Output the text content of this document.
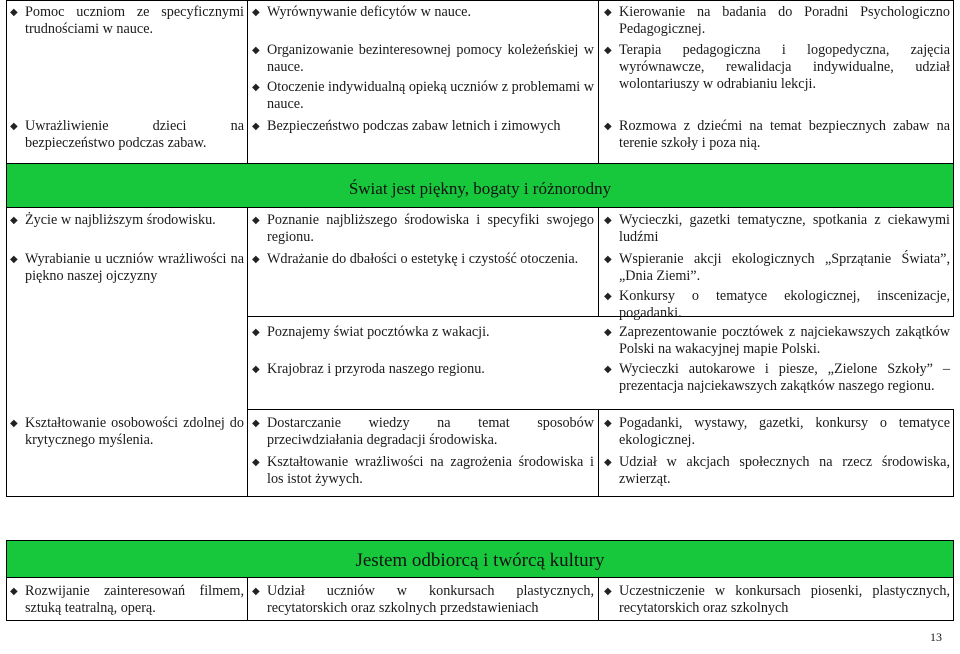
◆ Pomoc uczniom ze specyficznymi trudnościami w nauce.
◆ Uwrażliwienie dzieci na bezpieczeństwo podczas zabaw.
◆ Wyrównywanie deficytów w nauce.
◆ Organizowanie bezinteresownej pomocy koleżeńskiej w nauce.
◆ Otoczenie indywidualną opieką uczniów z problemami w nauce.
◆ Bezpieczeństwo podczas zabaw letnich i zimowych
◆ Kierowanie na badania do Poradni Psychologiczno Pedagogicznej.
◆ Terapia pedagogiczna i logopedyczna, zajęcia wyrównawcze, rewalidacja indywidualne, udział wolontariuszy w odrabianiu lekcji.
◆ Rozmowa z dziećmi na temat bezpiecznych zabaw na terenie szkoły i poza nią.
Świat jest piękny, bogaty i różnorodny
◆ Życie w najbliższym środowisku.
◆ Wyrabianie u uczniów wrażliwości na piękno naszej ojczyzny
◆ Kształtowanie osobowości zdolnej do krytycznego myślenia.
◆ Poznanie najbliższego środowiska i specyfiki swojego regionu.
◆ Wdrażanie do dbałości o estetykę i czystość otoczenia.
◆ Dostarczanie wiedzy na temat sposobów przeciwdziałania degradacji środowiska.
◆ Kształtowanie wrażliwości na zagrożenia środowiska i los istot żywych.
◆ Wycieczki, gazetki tematyczne, spotkania z ciekawymi ludźmi
◆ Wspieranie akcji ekologicznych „Sprzątanie Świata”, „Dnia Ziemi”.
◆ Konkursy o tematyce ekologicznej, inscenizacje, pogadanki.
◆ Poznajemy świat pocztówka z wakacji.	◆ Zaprezentowanie pocztówek z najciekawszych zakątków Polski na wakacyjnej mapie Polski.
◆ Krajobraz i przyroda naszego regionu.	◆ Wycieczki autokarowe i piesze, „Zielone Szkoły” – prezentacja najciekawszych zakątków naszego regionu.
◆ Pogadanki, wystawy, gazetki, konkursy o tematyce ekologicznej.
◆ Udział w akcjach społecznych na rzecz środowiska, zwierząt.
Jestem odbiorcą i twórcą kultury
◆ Rozwijanie zainteresowań filmem, sztuką teatralną, operą.
◆ Udział uczniów w konkursach plastycznych, recytatorskich oraz szkolnych przedstawieniach
◆ Uczestniczenie w konkursach piosenki, plastycznych, recytatorskich oraz szkolnych
13
